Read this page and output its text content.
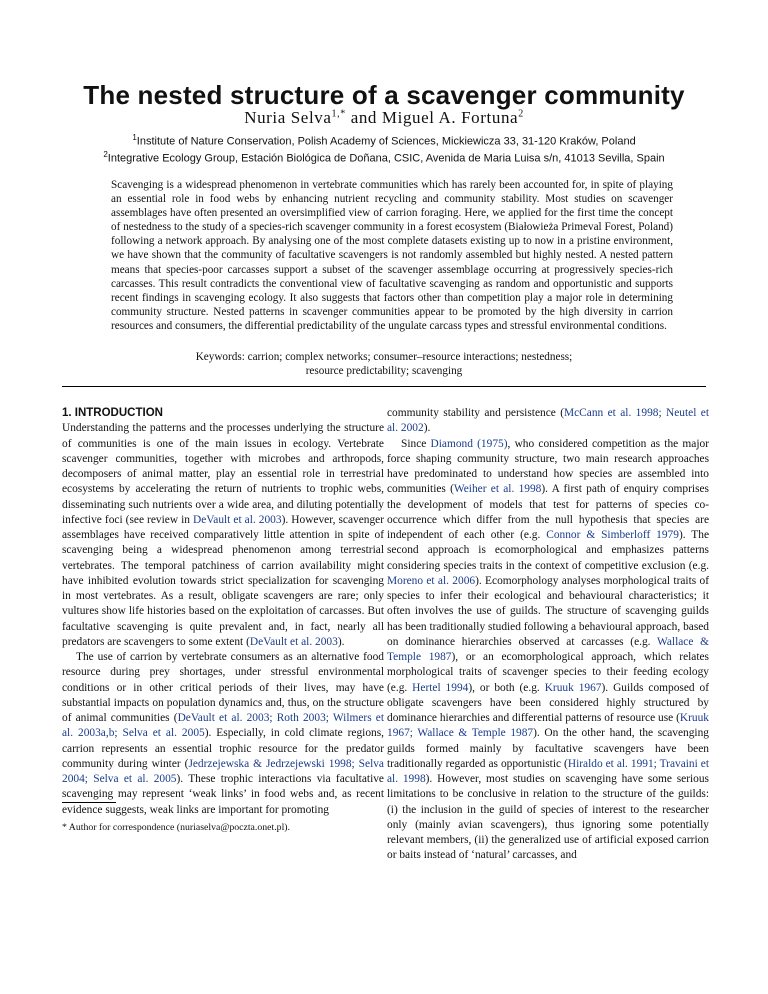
The nested structure of a scavenger community
Nuria Selva$^{1,*}$ and Miguel A. Fortuna$^2$
$^1$Institute of Nature Conservation, Polish Academy of Sciences, Mickiewicza 33, 31-120 Kraków, Poland
$^2$Integrative Ecology Group, Estación Biológica de Doñana, CSIC, Avenida de Maria Luisa s/n, 41013 Sevilla, Spain

Scavenging is a widespread phenomenon in vertebrate communities which has rarely been accounted for, in spite of playing an essential role in food webs by enhancing nutrient recycling and community stability. Most studies on scavenger assemblages have often presented an oversimplified view of carrion foraging. Here, we applied for the first time the concept of nestedness to the study of a species-rich scavenger community in a forest ecosystem (Białowieża Primeval Forest, Poland) following a network approach. By analysing one of the most complete datasets existing up to now in a pristine environment, we have shown that the community of facultative scavengers is not randomly assembled but highly nested. A nested pattern means that species-poor carcasses support a subset of the scavenger assemblage occurring at progressively species-rich carcasses. This result contradicts the conventional view of facultative scavenging as random and opportunistic and supports recent findings in scavenging ecology. It also suggests that factors other than competition play a major role in determining community structure. Nested patterns in scavenger communities appear to be promoted by the high diversity in carrion resources and consumers, the differential predictability of the ungulate carcass types and stressful environmental conditions.

Keywords: carrion; complex networks; consumer–resource interactions; nestedness;
resource predictability; scavenging
1. INTRODUCTION

Understanding the patterns and the processes underlying the structure of communities is one of the main issues in ecology. Vertebrate scavenger communities, together with microbes and arthropods, decomposers of animal matter, play an essential role in terrestrial ecosystems by accelerating the return of nutrients to trophic webs, disseminating such nutrients over a wide area, and diluting potentially infective foci (see review in DeVault et al. 2003). However, scavenger assemblages have received comparatively little attention in spite of scavenging being a widespread phenomenon among terrestrial vertebrates. The temporal patchiness of carrion availability might have inhibited evolution towards strict specialization for scavenging in most vertebrates. As a result, obligate scavengers are rare; only vultures show life histories based on the exploitation of carcasses. But facultative scavenging is quite prevalent and, in fact, nearly all predators are scavengers to some extent (DeVault et al. 2003).

The use of carrion by vertebrate consumers as an alternative food resource during prey shortages, under stressful environmental conditions or in other critical periods of their lives, may have substantial impacts on population dynamics and, thus, on the structure of animal communities (DeVault et al. 2003; Roth 2003; Wilmers et al. 2003a,b; Selva et al. 2005). Especially, in cold climate regions, carrion represents an essential trophic resource for the predator community during winter (Jedrzejewska & Jedrzejewski 1998; Selva 2004; Selva et al. 2005). These trophic interactions via facultative scavenging may represent ‘weak links’ in food webs and, as recent evidence suggests, weak links are important for promoting

community stability and persistence (McCann et al. 1998; Neutel et al. 2002).

Since Diamond (1975), who considered competition as the major force shaping community structure, two main research approaches have predominated to understand how species are assembled into communities (Weiher et al. 1998). A first path of enquiry comprises the development of models that test for patterns of species co-occurrence which differ from the null hypothesis that species are independent of each other (e.g. Connor & Simberloff 1979). The second approach is ecomorphological and emphasizes patterns considering species traits in the context of competitive exclusion (e.g. Moreno et al. 2006). Ecomorphology analyses morphological traits of species to infer their ecological and behavioural characteristics; it often involves the use of guilds. The structure of scavenging guilds has been traditionally studied following a behavioural approach, based on dominance hierarchies observed at carcasses (e.g. Wallace & Temple 1987), or an ecomorphological approach, which relates morphological traits of scavenger species to their feeding ecology (e.g. Hertel 1994), or both (e.g. Kruuk 1967). Guilds composed of obligate scavengers have been considered highly structured by dominance hierarchies and differential patterns of resource use (Kruuk 1967; Wallace & Temple 1987). On the other hand, the scavenging guilds formed mainly by facultative scavengers have been traditionally regarded as opportunistic (Hiraldo et al. 1991; Travaini et al. 1998). However, most studies on scavenging have some serious limitations to be conclusive in relation to the structure of the guilds: (i) the inclusion in the guild of species of interest to the researcher only (mainly avian scavengers), thus ignoring some potentially relevant members, (ii) the generalized use of artificial exposed carrion or baits instead of ‘natural’ carcasses, and

* Author for correspondence (nuriaselva@poczta.onet.pl).
